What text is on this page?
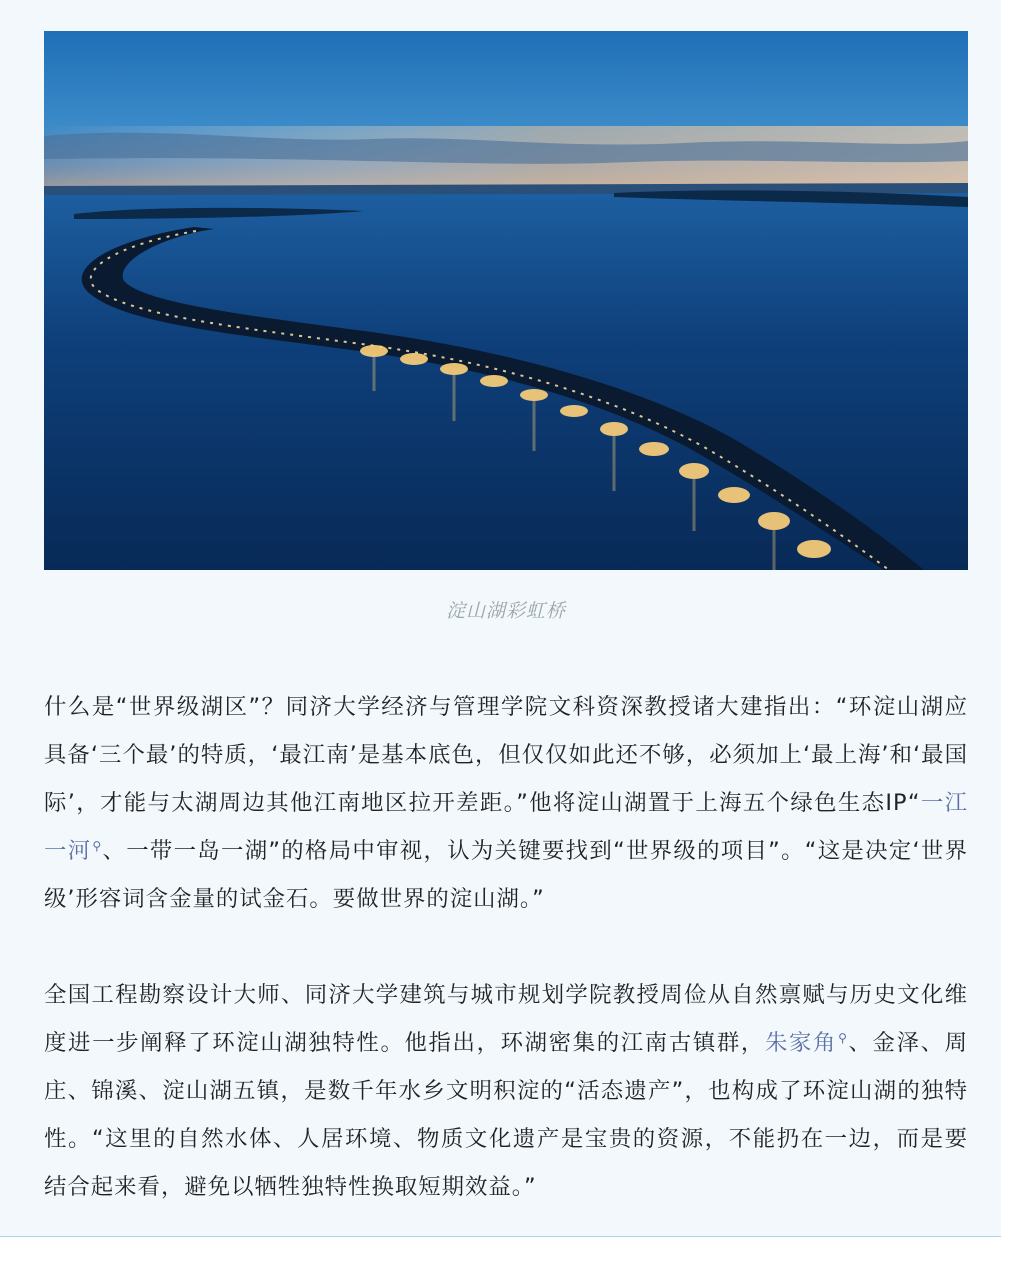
淀山湖彩虹桥

什么是“世界级湖区”？同济大学经济与管理学院文科资深教授诸大建指出：“环淀山湖应具备‘三个最’的特质，‘最江南’是基本底色，但仅仅如此还不够，必须加上‘最上海’和‘最国际’，才能与太湖周边其他江南地区拉开差距。”他将淀山湖置于上海五个绿色生态IP“一江一河⚲、一带一岛一湖”的格局中审视，认为关键要找到“世界级的项目”。“这是决定‘世界级’形容词含金量的试金石。要做世界的淀山湖。”

全国工程勘察设计大师、同济大学建筑与城市规划学院教授周俭从自然禀赋与历史文化维度进一步阐释了环淀山湖独特性。他指出，环湖密集的江南古镇群，朱家角⚲、金泽、周庄、锦溪、淀山湖五镇，是数千年水乡文明积淀的“活态遗产”，也构成了环淀山湖的独特性。“这里的自然水体、人居环境、物质文化遗产是宝贵的资源，不能扔在一边，而是要结合起来看，避免以牺牲独特性换取短期效益。”
